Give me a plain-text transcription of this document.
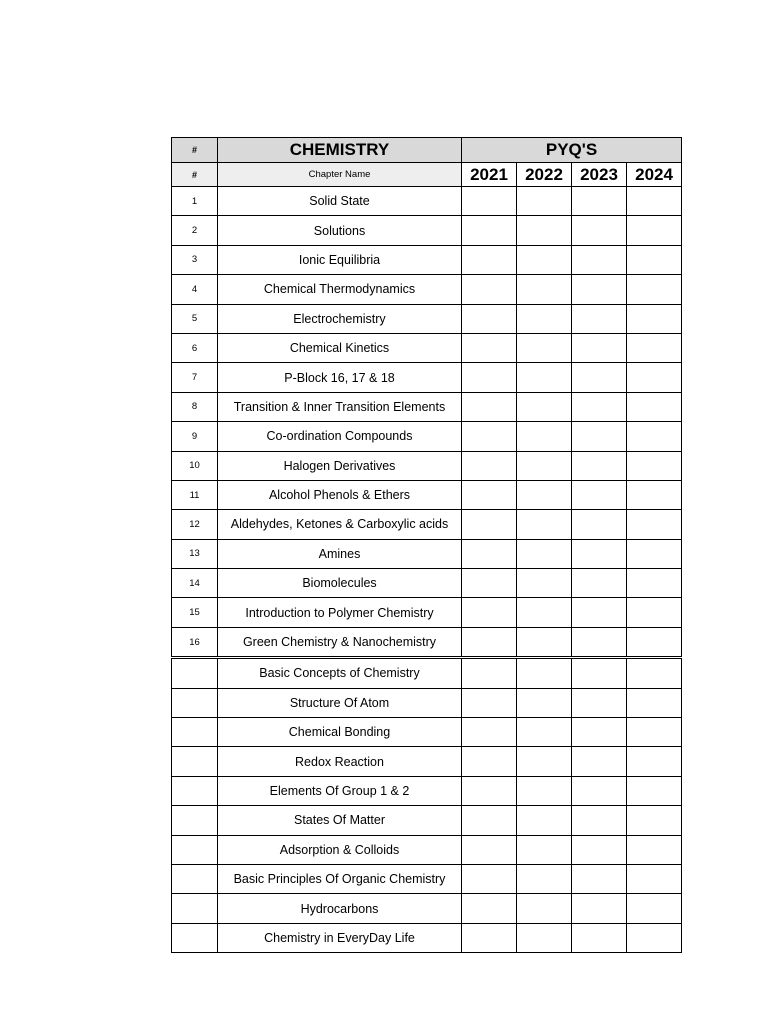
#	CHEMISTRY	PYQ'S			
#	Chapter Name	2021	2022	2023	2024
1	Solid State				
2	Solutions				
3	Ionic Equilibria				
4	Chemical Thermodynamics				
5	Electrochemistry				
6	Chemical Kinetics				
7	P-Block 16, 17 & 18				
8	Transition & Inner Transition Elements				
9	Co-ordination Compounds				
10	Halogen Derivatives				
11	Alcohol Phenols & Ethers				
12	Aldehydes, Ketones & Carboxylic acids				
13	Amines				
14	Biomolecules				
15	Introduction to Polymer Chemistry				
16	Green Chemistry & Nanochemistry				
	Basic Concepts of Chemistry				
	Structure Of Atom				
	Chemical Bonding				
	Redox Reaction				
	Elements Of Group 1 & 2				
	States Of Matter				
	Adsorption & Colloids				
	Basic Principles Of Organic Chemistry				
	Hydrocarbons				
	Chemistry in EveryDay Life				
